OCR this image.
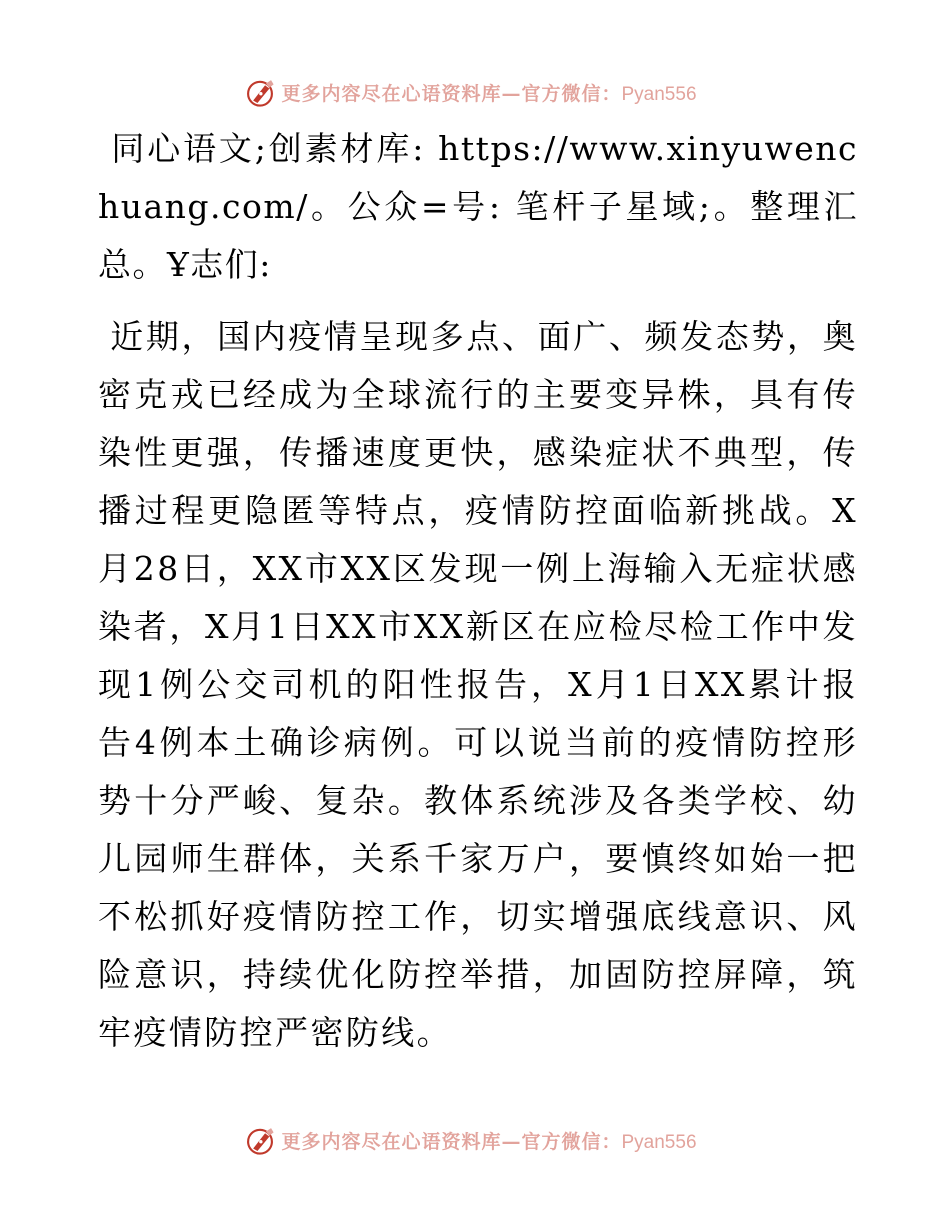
更多内容尽在心语资料库—官方微信：Pyan556

同心语文;创素材库: https://www.xinyuwenchuang.com/。公众=号: 笔杆子星域;。整理汇总。Ұ志们:

近期，国内疫情呈现多点、面广、频发态势，奥密克戎已经成为全球流行的主要变异株，具有传染性更强，传播速度更快，感染症状不典型，传播过程更隐匿等特点，疫情防控面临新挑战。X月28日，XX市XX区发现一例上海输入无症状感染者，X月1日XX市XX新区在应检尽检工作中发现1例公交司机的阳性报告，X月1日XX累计报告4例本土确诊病例。可以说当前的疫情防控形势十分严峻、复杂。教体系统涉及各类学校、幼儿园师生群体，关系千家万户，要慎终如始一把不松抓好疫情防控工作，切实增强底线意识、风险意识，持续优化防控举措，加固防控屏障，筑牢疫情防控严密防线。

更多内容尽在心语资料库—官方微信：Pyan556
